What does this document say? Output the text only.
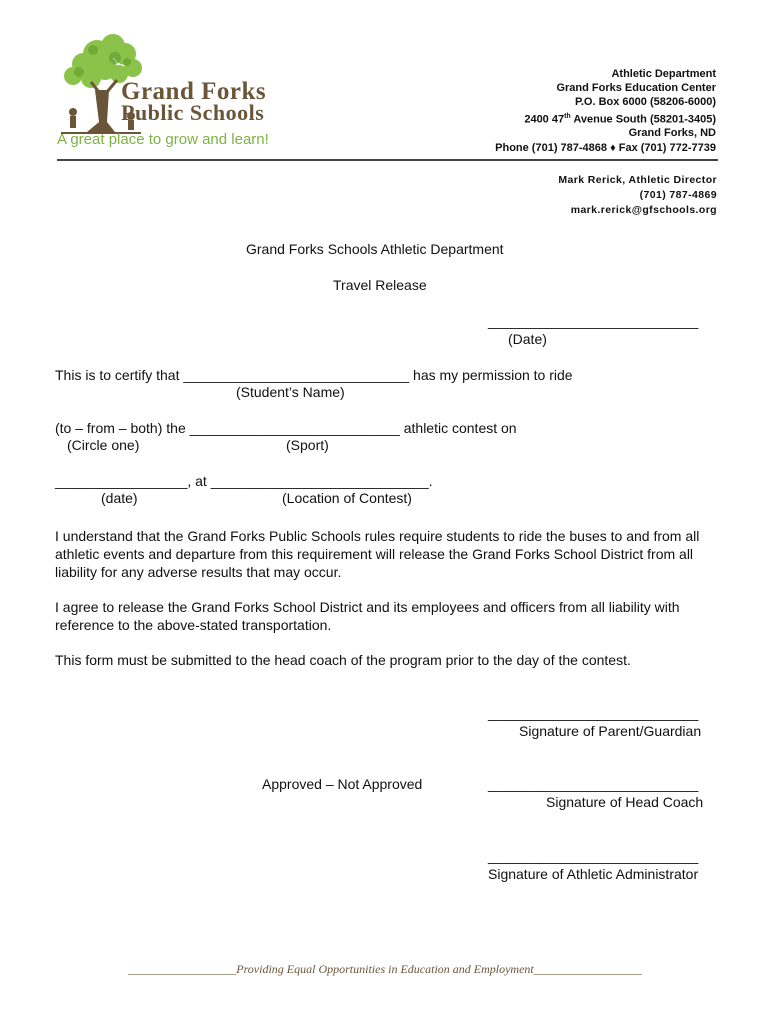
Grand Forks
Public Schools
A great place to grow and learn!
Athletic Department
Grand Forks Education Center
P.O. Box 6000 (58206-6000)
2400 47th Avenue South (58201-3405)
Grand Forks, ND
Phone (701) 787-4868 ♦ Fax (701) 772-7739
Mark Rerick, Athletic Director
(701) 787-4869
mark.rerick@gfschools.org
Grand Forks Schools Athletic Department
Travel Release
___________________________
(Date)
This is to certify that _____________________________ has my permission to ride
(Student’s Name)
(to – from – both) the ___________________________ athletic contest on
(Circle one)	(Sport)
_________________, at ____________________________.
(date)	(Location of Contest)
I understand that the Grand Forks Public Schools rules require students to ride the buses to and from all athletic events and departure from this requirement will release the Grand Forks School District from all liability for any adverse results that may occur.
I agree to release the Grand Forks School District and its employees and officers from all liability with reference to the above-stated transportation.
This form must be submitted to the head coach of the program prior to the day of the contest.
___________________________
Signature of Parent/Guardian
Approved – Not Approved	___________________________
Signature of Head Coach
___________________________
Signature of Athletic Administrator
__________________Providing Equal Opportunities in Education and Employment__________________
